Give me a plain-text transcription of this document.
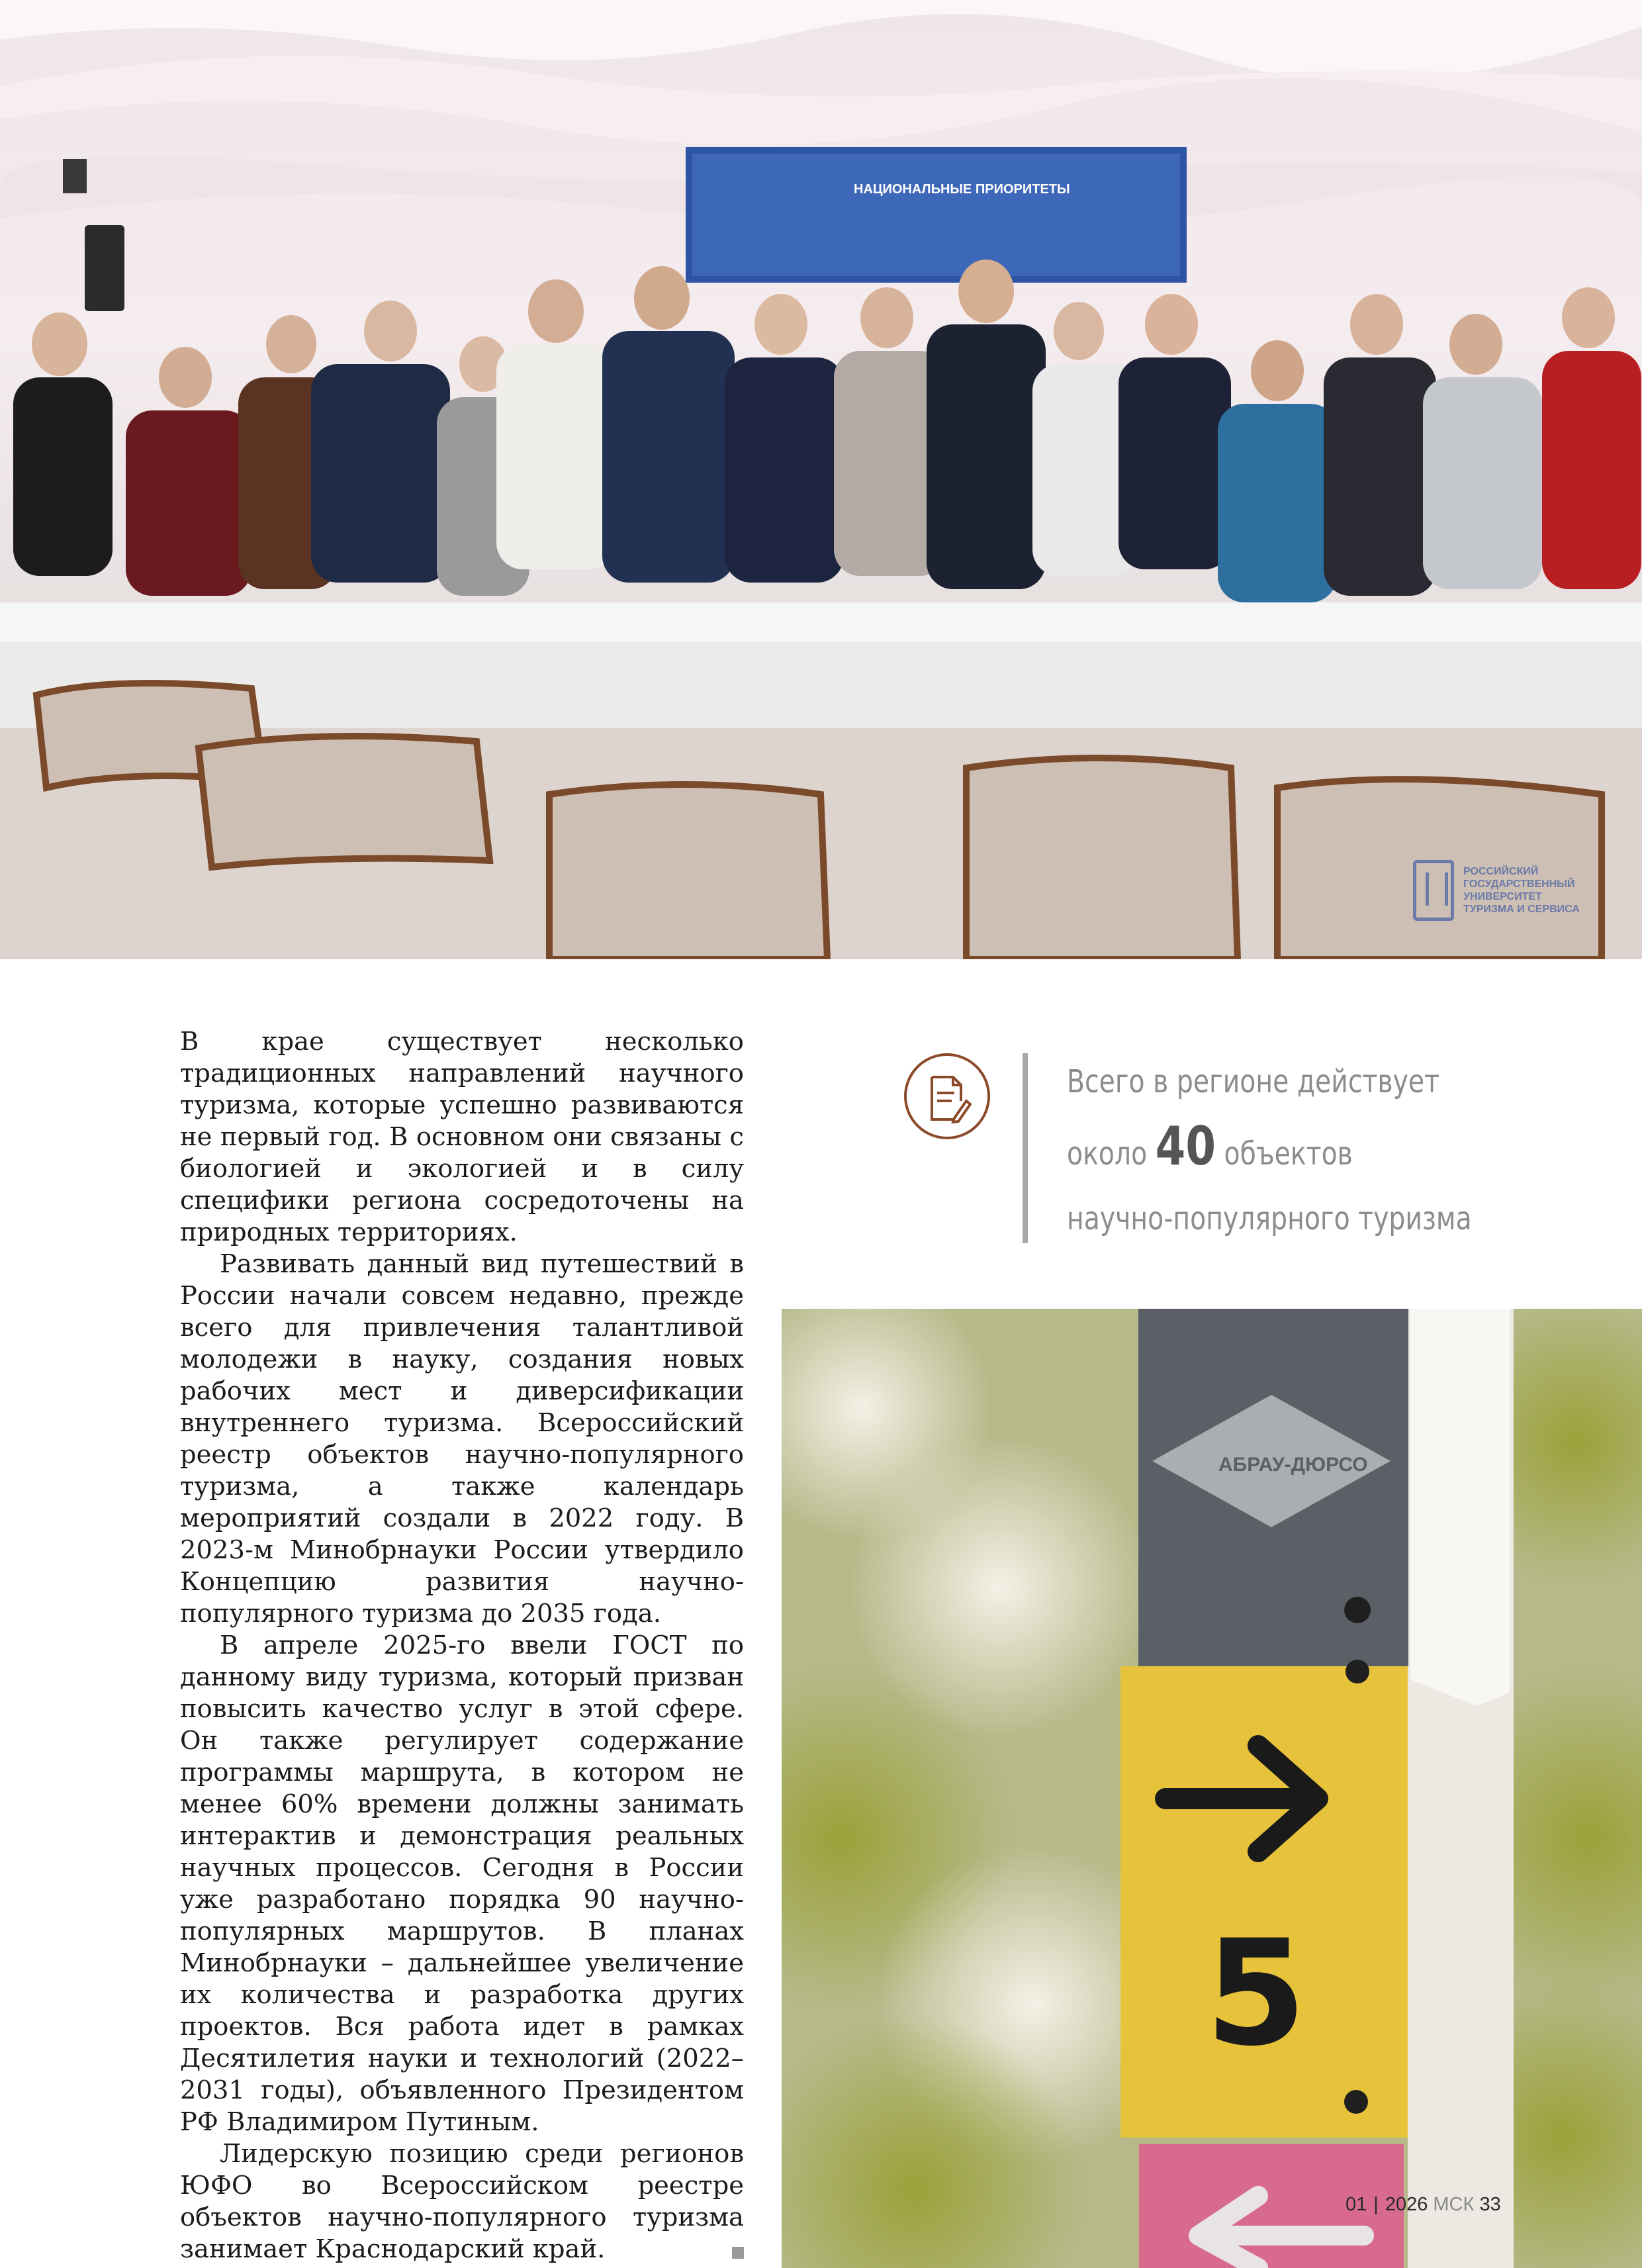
НАЦИОНАЛЬНЫЕ ПРИОРИТЕТЫ
РОССИЙСКИЙ
ГОСУДАРСТВЕННЫЙ
УНИВЕРСИТЕТ
ТУРИЗМА И СЕРВИСА

В крае существует несколько традиционных направлений научного туризма, которые успешно развиваются не первый год. В основном они связаны с биологией и экологией и в силу специфики региона сосредоточены на природных территориях.

Развивать данный вид путешествий в России начали совсем недавно, прежде всего для привлечения талантливой молодежи в науку, создания новых рабочих мест и диверсификации внутреннего туризма. Всероссийский реестр объектов научно-популярного туризма, а также календарь мероприятий создали в 2022 году. В 2023-м Минобрнауки России утвердило Концепцию развития научно-популярного туризма до 2035 года.

В апреле 2025-го ввели ГОСТ по данному виду туризма, который призван повысить качество услуг в этой сфере. Он также регулирует содержание программы маршрута, в котором не менее 60% времени должны занимать интерактив и демонстрация реальных научных процессов. Сегодня в России уже разработано порядка 90 научно-популярных маршрутов. В планах Минобрнауки – дальнейшее увеличение их количества и разработка других проектов. Вся работа идет в рамках Десятилетия науки и технологий (2022–2031 годы), объявленного Президентом РФ Владимиром Путиным.

Лидерскую позицию среди регионов ЮФО во Всероссийском реестре объектов научно-популярного туризма занимает Краснодарский край.

Всего в регионе действует
около 40 объектов
научно-популярного туризма
АБРАУ-ДЮРСО
5
01 | 2026 МСК 33
